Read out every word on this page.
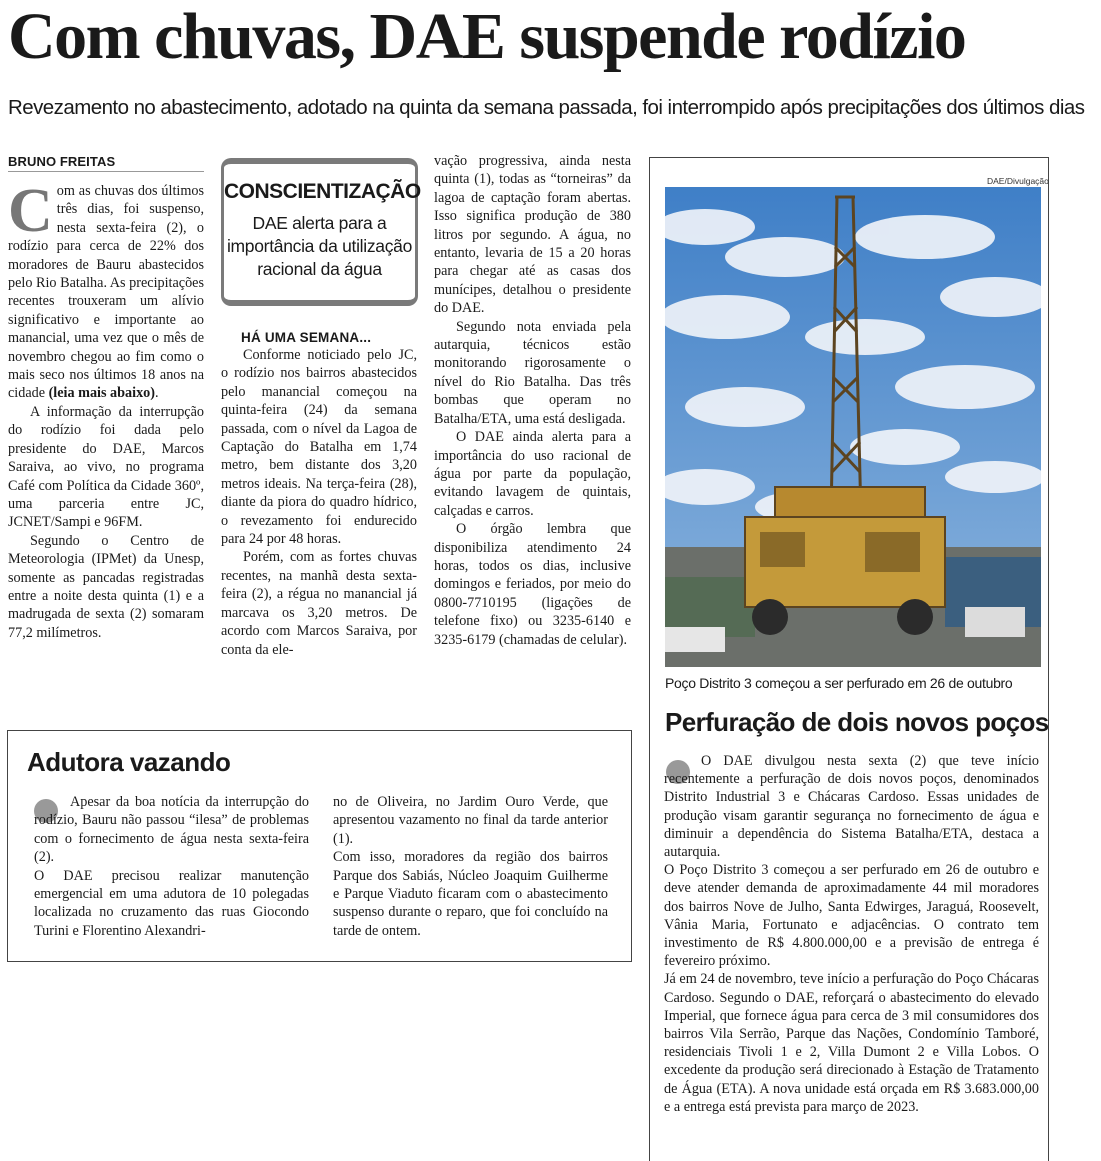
Com chuvas, DAE suspende rodízio
Revezamento no abastecimento, adotado na quinta da semana passada, foi interrompido após precipitações dos últimos dias
BRUNO FREITAS

Com as chuvas dos últimos três dias, foi suspenso, nesta sexta-feira (2), o rodízio para cerca de 22% dos moradores de Bauru abastecidos pelo Rio Batalha. As precipitações recentes trouxeram um alívio significativo e importante ao manancial, uma vez que o mês de novembro chegou ao fim como o mais seco nos últimos 18 anos na cidade (leia mais abaixo).

A informação da interrupção do rodízio foi dada pelo presidente do DAE, Marcos Saraiva, ao vivo, no programa Café com Política da Cidade 360º, uma parceria entre JC, JCNET/Sampi e 96FM.

Segundo o Centro de Meteorologia (IPMet) da Unesp, somente as pancadas registradas entre a noite desta quinta (1) e a madrugada de sexta (2) somaram 77,2 milímetros.

CONSCIENTIZAÇÃO
DAE alerta para a importância da utilização racional da água
HÁ UMA SEMANA...

Conforme noticiado pelo JC, o rodízio nos bairros abastecidos pelo manancial começou na quinta-feira (24) da semana passada, com o nível da Lagoa de Captação do Batalha em 1,74 metro, bem distante dos 3,20 metros ideais. Na terça-feira (28), diante da piora do quadro hídrico, o revezamento foi endurecido para 24 por 48 horas.

Porém, com as fortes chuvas recentes, na manhã desta sexta-feira (2), a régua no manancial já marcava os 3,20 metros. De acordo com Marcos Saraiva, por conta da ele-

vação progressiva, ainda nesta quinta (1), todas as “torneiras” da lagoa de captação foram abertas. Isso significa produção de 380 litros por segundo. A água, no entanto, levaria de 15 a 20 horas para chegar até as casas dos munícipes, detalhou o presidente do DAE.

Segundo nota enviada pela autarquia, técnicos estão monitorando rigorosamente o nível do Rio Batalha. Das três bombas que operam no Batalha/ETA, uma está desligada.

O DAE ainda alerta para a importância do uso racional de água por parte da população, evitando lavagem de quintais, calçadas e carros.

O órgão lembra que disponibiliza atendimento 24 horas, todos os dias, inclusive domingos e feriados, por meio do 0800-7710195 (ligações de telefone fixo) ou 3235-6140 e 3235-6179 (chamadas de celular).

Adutora vazando

Apesar da boa notícia da interrupção do rodízio, Bauru não passou “ilesa” de problemas com o fornecimento de água nesta sexta-feira (2).

O DAE precisou realizar manutenção emergencial em uma adutora de 10 polegadas localizada no cruzamento das ruas Giocondo Turini e Florentino Alexandri-

no de Oliveira, no Jardim Ouro Verde, que apresentou vazamento no final da tarde anterior (1).

Com isso, moradores da região dos bairros Parque dos Sabiás, Núcleo Joaquim Guilherme e Parque Viaduto ficaram com o abastecimento suspenso durante o reparo, que foi concluído na tarde de ontem.

DAE/Divulgação
Poço Distrito 3 começou a ser perfurado em 26 de outubro
Perfuração de dois novos poços

O DAE divulgou nesta sexta (2) que teve início recentemente a perfuração de dois novos poços, denominados Distrito Industrial 3 e Chácaras Cardoso. Essas unidades de produção visam garantir segurança no fornecimento de água e diminuir a dependência do Sistema Batalha/ETA, destaca a autarquia.

O Poço Distrito 3 começou a ser perfurado em 26 de outubro e deve atender demanda de aproximadamente 44 mil moradores dos bairros Nove de Julho, Santa Edwirges, Jaraguá, Roosevelt, Vânia Maria, Fortunato e adjacências. O contrato tem investimento de R$ 4.800.000,00 e a previsão de entrega é fevereiro próximo.

Já em 24 de novembro, teve início a perfuração do Poço Chácaras Cardoso. Segundo o DAE, reforçará o abastecimento do elevado Imperial, que fornece água para cerca de 3 mil consumidores dos bairros Vila Serrão, Parque das Nações, Condomínio Tamboré, residenciais Tivoli 1 e 2, Villa Dumont 2 e Villa Lobos. O excedente da produção será direcionado à Estação de Tratamento de Água (ETA). A nova unidade está orçada em R$ 3.683.000,00 e a entrega está prevista para março de 2023.
